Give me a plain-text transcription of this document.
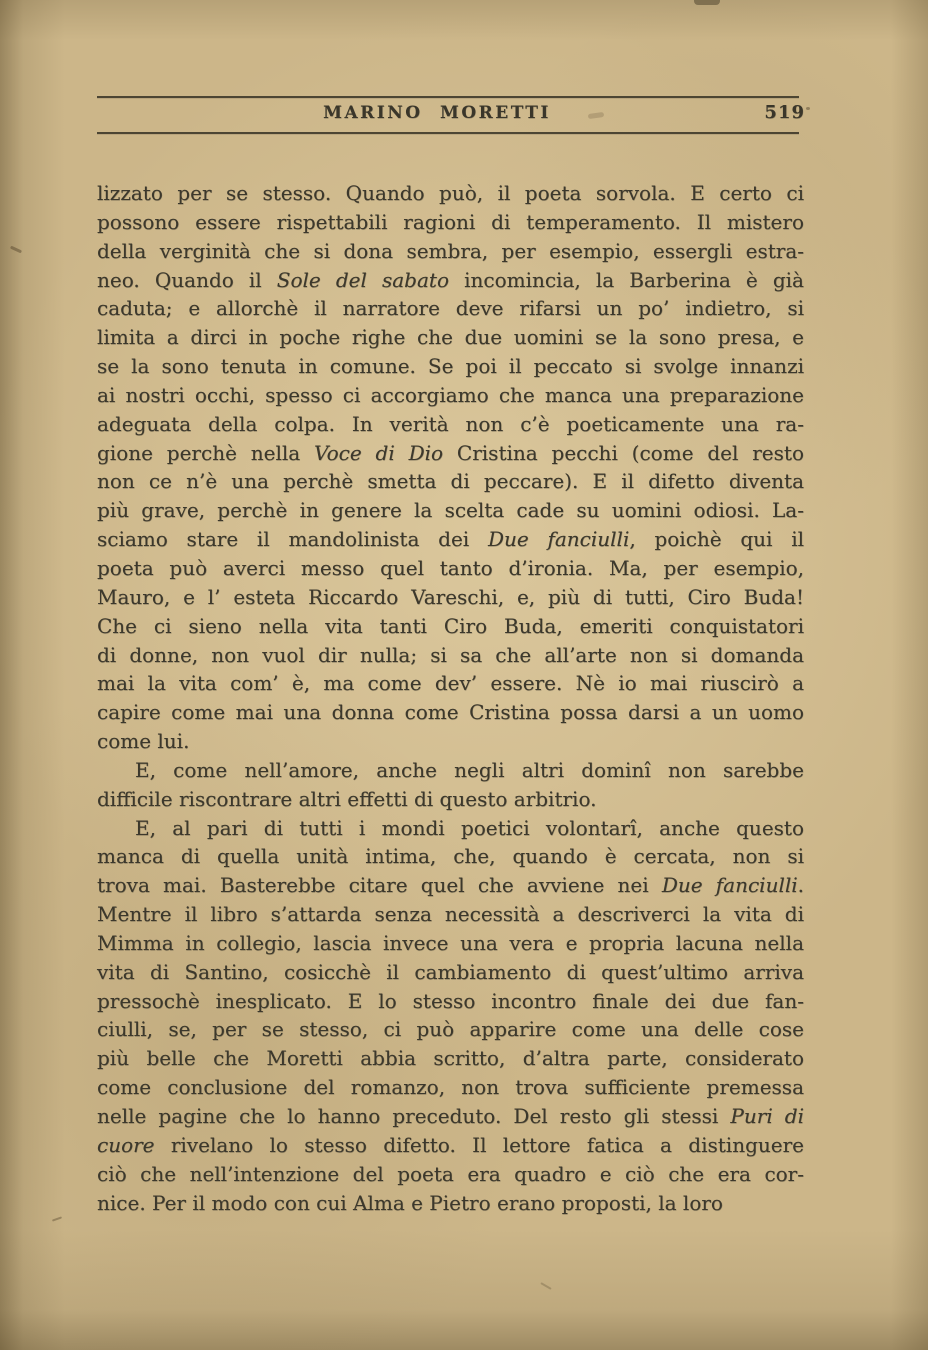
MARINO MORETTI	519
lizzato per se stesso. Quando può, il poeta sorvola. E certo ci
possono essere rispettabili ragioni di temperamento. Il mistero
della verginità che si dona sembra, per esempio, essergli estra-
neo. Quando il Sole del sabato incomincia, la Barberina è già
caduta; e allorchè il narratore deve rifarsi un po’ indietro, si
limita a dirci in poche righe che due uomini se la sono presa, e
se la sono tenuta in comune. Se poi il peccato si svolge innanzi
ai nostri occhi, spesso ci accorgiamo che manca una preparazione
adeguata della colpa. In verità non c’è poeticamente una ra-
gione perchè nella Voce di Dio Cristina pecchi (come del resto
non ce n’è una perchè smetta di peccare). E il difetto diventa
più grave, perchè in genere la scelta cade su uomini odiosi. La-
sciamo stare il mandolinista dei Due fanciulli, poichè qui il
poeta può averci messo quel tanto d’ironia. Ma, per esempio,
Mauro, e l’ esteta Riccardo Vareschi, e, più di tutti, Ciro Buda!
Che ci sieno nella vita tanti Ciro Buda, emeriti conquistatori
di donne, non vuol dir nulla; si sa che all’arte non si domanda
mai la vita com’ è, ma come dev’ essere. Nè io mai riuscirò a
capire come mai una donna come Cristina possa darsi a un uomo
come lui.
E, come nell’amore, anche negli altri dominî non sarebbe
difficile riscontrare altri effetti di questo arbitrio.
E, al pari di tutti i mondi poetici volontarî, anche questo
manca di quella unità intima, che, quando è cercata, non si
trova mai. Basterebbe citare quel che avviene nei Due fanciulli.
Mentre il libro s’attarda senza necessità a descriverci la vita di
Mimma in collegio, lascia invece una vera e propria lacuna nella
vita di Santino, cosicchè il cambiamento di quest’ultimo arriva
pressochè inesplicato. E lo stesso incontro finale dei due fan-
ciulli, se, per se stesso, ci può apparire come una delle cose
più belle che Moretti abbia scritto, d’altra parte, considerato
come conclusione del romanzo, non trova sufficiente premessa
nelle pagine che lo hanno preceduto. Del resto gli stessi Puri di
cuore rivelano lo stesso difetto. Il lettore fatica a distinguere
ciò che nell’intenzione del poeta era quadro e ciò che era cor-
nice. Per il modo con cui Alma e Pietro erano proposti, la loro
